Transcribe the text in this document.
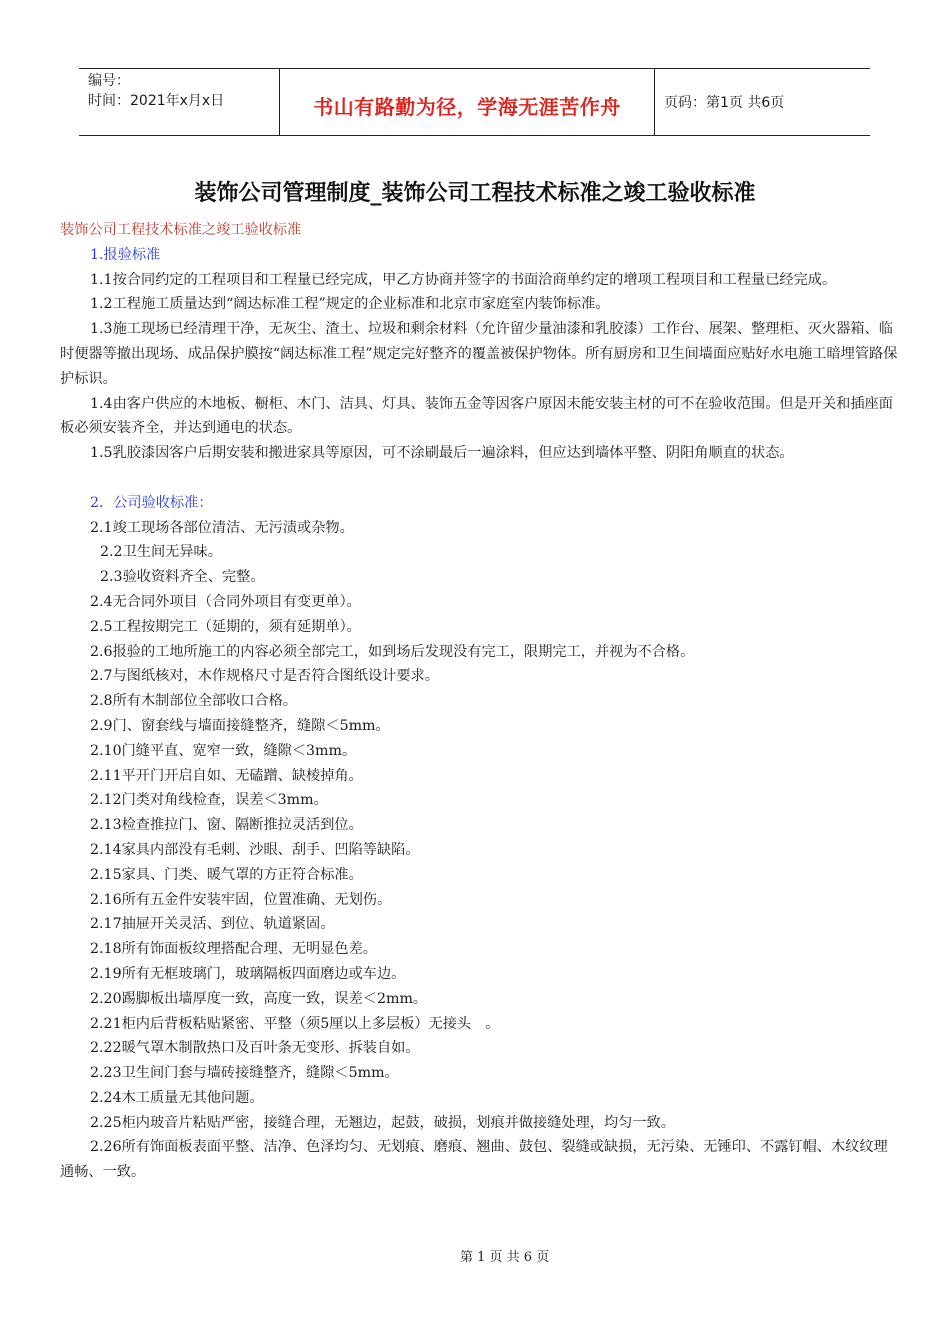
编号：
时间：2021年x月x日	书山有路勤为径，学海无涯苦作舟	页码：第1页 共6页
装饰公司管理制度_装饰公司工程技术标准之竣工验收标准

装饰公司工程技术标准之竣工验收标准

1.报验标准

1.1按合同约定的工程项目和工程量已经完成，甲乙方协商并签字的书面洽商单约定的增项工程项目和工程量已经完成。

1.2工程施工质量达到“阔达标准工程”规定的企业标准和北京市家庭室内装饰标准。

1.3施工现场已经清理干净，无灰尘、渣土、垃圾和剩余材料（允许留少量油漆和乳胶漆）工作台、展架、整理柜、灭火器箱、临时便器等撤出现场、成品保护膜按“阔达标准工程”规定完好整齐的覆盖被保护物体。所有厨房和卫生间墙面应贴好水电施工暗埋管路保护标识。

1.4由客户供应的木地板、橱柜、木门、洁具、灯具、装饰五金等因客户原因未能安装主材的可不在验收范围。但是开关和插座面板必须安装齐全，并达到通电的状态。

1.5乳胶漆因客户后期安装和搬进家具等原因，可不涂刷最后一遍涂料，但应达到墙体平整、阴阳角顺直的状态。

2．公司验收标准：

2.1竣工现场各部位清洁、无污渍或杂物。

2.2卫生间无异味。

2.3验收资料齐全、完整。

2.4无合同外项目（合同外项目有变更单）。

2.5工程按期完工（延期的，须有延期单）。

2.6报验的工地所施工的内容必须全部完工，如到场后发现没有完工，限期完工，并视为不合格。

2.7与图纸核对，木作规格尺寸是否符合图纸设计要求。

2.8所有木制部位全部收口合格。

2.9门、窗套线与墙面接缝整齐，缝隙＜5mm。

2.10门缝平直、宽窄一致，缝隙＜3mm。

2.11平开门开启自如、无磕蹭、缺棱掉角。

2.12门类对角线检查，误差＜3mm。

2.13检查推拉门、窗、隔断推拉灵活到位。

2.14家具内部没有毛刺、沙眼、刮手、凹陷等缺陷。

2.15家具、门类、暖气罩的方正符合标准。

2.16所有五金件安装牢固，位置准确、无划伤。

2.17抽屉开关灵活、到位、轨道紧固。

2.18所有饰面板纹理搭配合理、无明显色差。

2.19所有无框玻璃门，玻璃隔板四面磨边或车边。

2.20踢脚板出墙厚度一致，高度一致，误差＜2mm。

2.21柜内后背板粘贴紧密、平整（须5厘以上多层板）无接头　。

2.22暖气罩木制散热口及百叶条无变形、拆装自如。

2.23卫生间门套与墙砖接缝整齐，缝隙＜5mm。

2.24木工质量无其他问题。

2.25柜内玻音片粘贴严密，接缝合理，无翘边，起鼓，破损，划痕并做接缝处理，均匀一致。

2.26所有饰面板表面平整、洁净、色泽均匀、无划痕、磨痕、翘曲、鼓包、裂缝或缺损，无污染、无锤印、不露钉帽、木纹纹理通畅、一致。

第 1 页 共 6 页
